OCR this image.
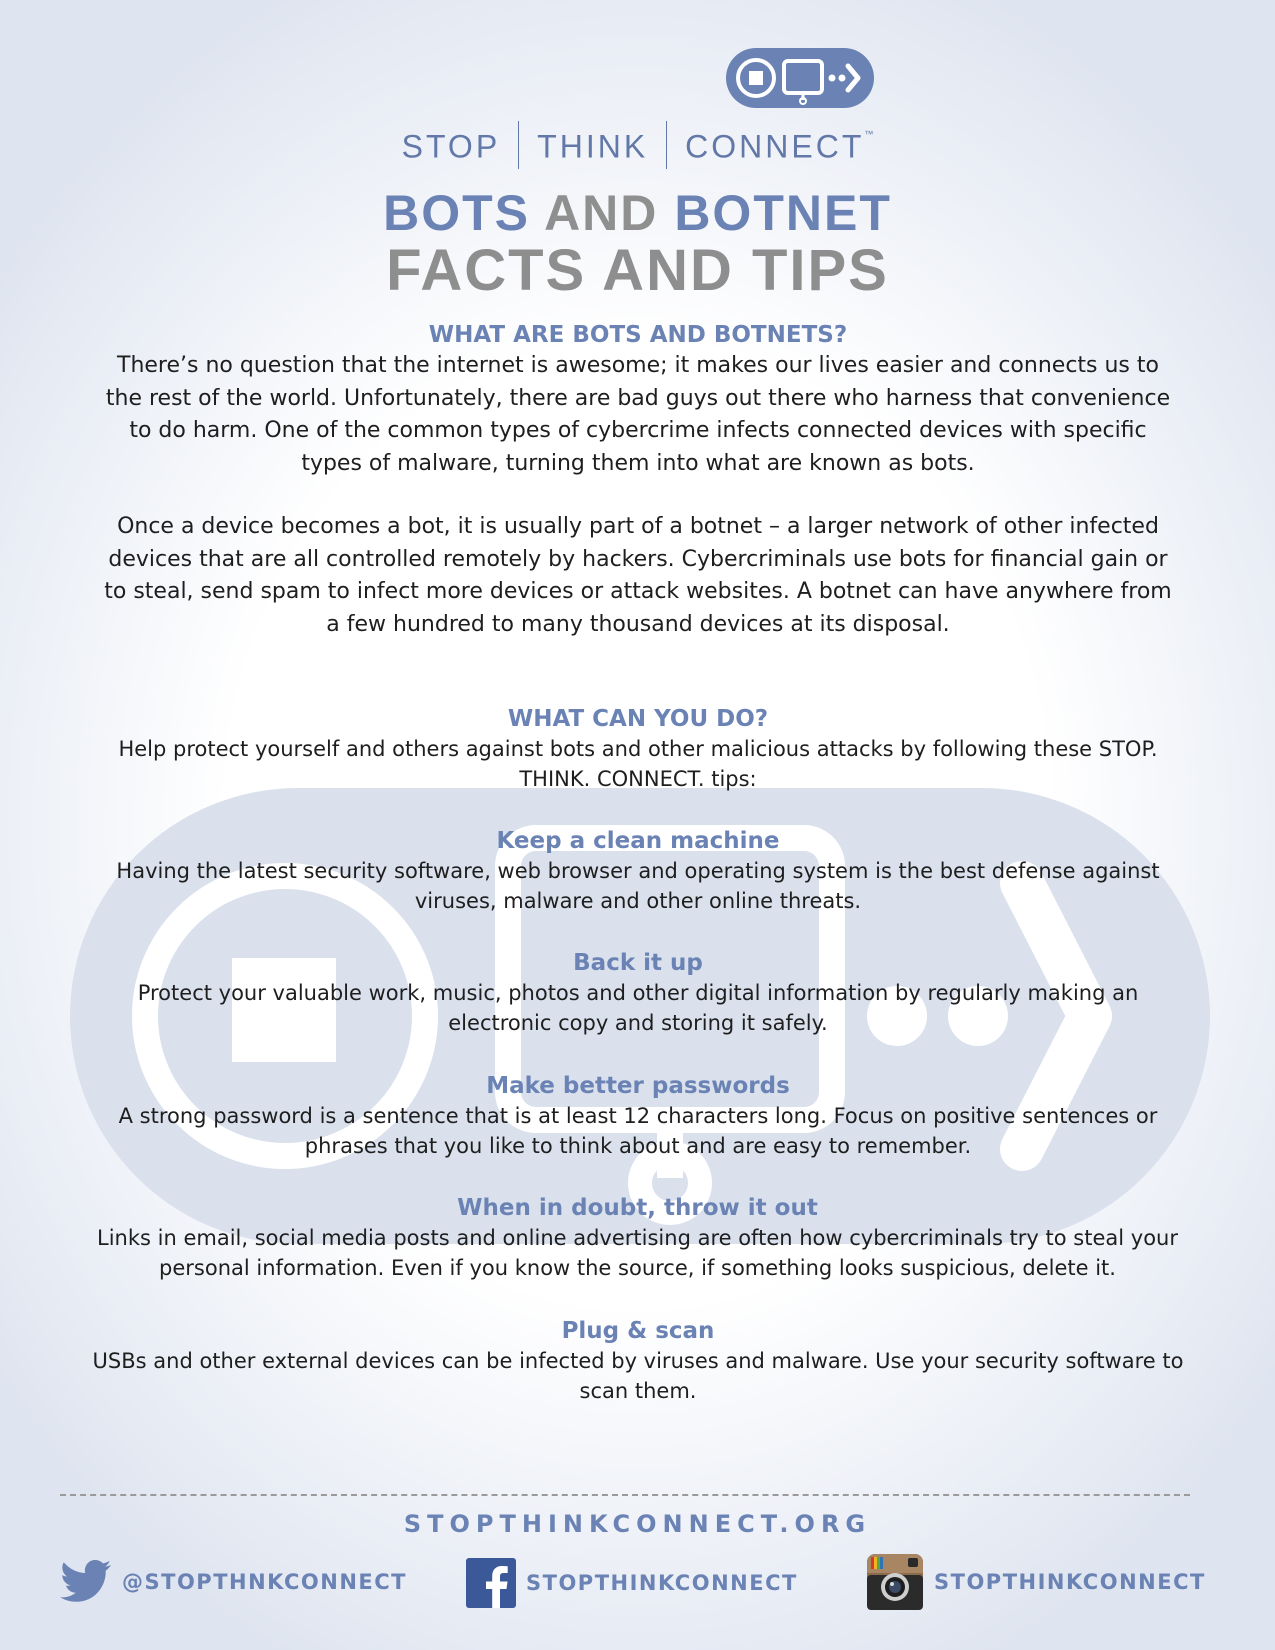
STOP THINK CONNECT™
BOTS AND BOTNET
FACTS AND TIPS
WHAT ARE BOTS AND BOTNETS?

There’s no question that the internet is awesome; it makes our lives easier and connects us to the rest of the world. Unfortunately, there are bad guys out there who harness that convenience to do harm. One of the common types of cybercrime infects connected devices with specific types of malware, turning them into what are known as bots.

Once a device becomes a bot, it is usually part of a botnet – a larger network of other infected devices that are all controlled remotely by hackers. Cybercriminals use bots for financial gain or to steal, send spam to infect more devices or attack websites. A botnet can have anywhere from a few hundred to many thousand devices at its disposal.

WHAT CAN YOU DO?

Help protect yourself and others against bots and other malicious attacks by following these STOP. THINK. CONNECT. tips:

Keep a clean machine

Having the latest security software, web browser and operating system is the best defense against viruses, malware and other online threats.

Back it up

Protect your valuable work, music, photos and other digital information by regularly making an electronic copy and storing it safely.

Make better passwords

A strong password is a sentence that is at least 12 characters long. Focus on positive sentences or phrases that you like to think about and are easy to remember.

When in doubt, throw it out

Links in email, social media posts and online advertising are often how cybercriminals try to steal your personal information. Even if you know the source, if something looks suspicious, delete it.

Plug & scan

USBs and other external devices can be infected by viruses and malware. Use your security software to scan them.

STOPTHINKCONNECT.ORG
@STOPTHNKCONNECT	STOPTHINKCONNECT	STOPTHINKCONNECT
